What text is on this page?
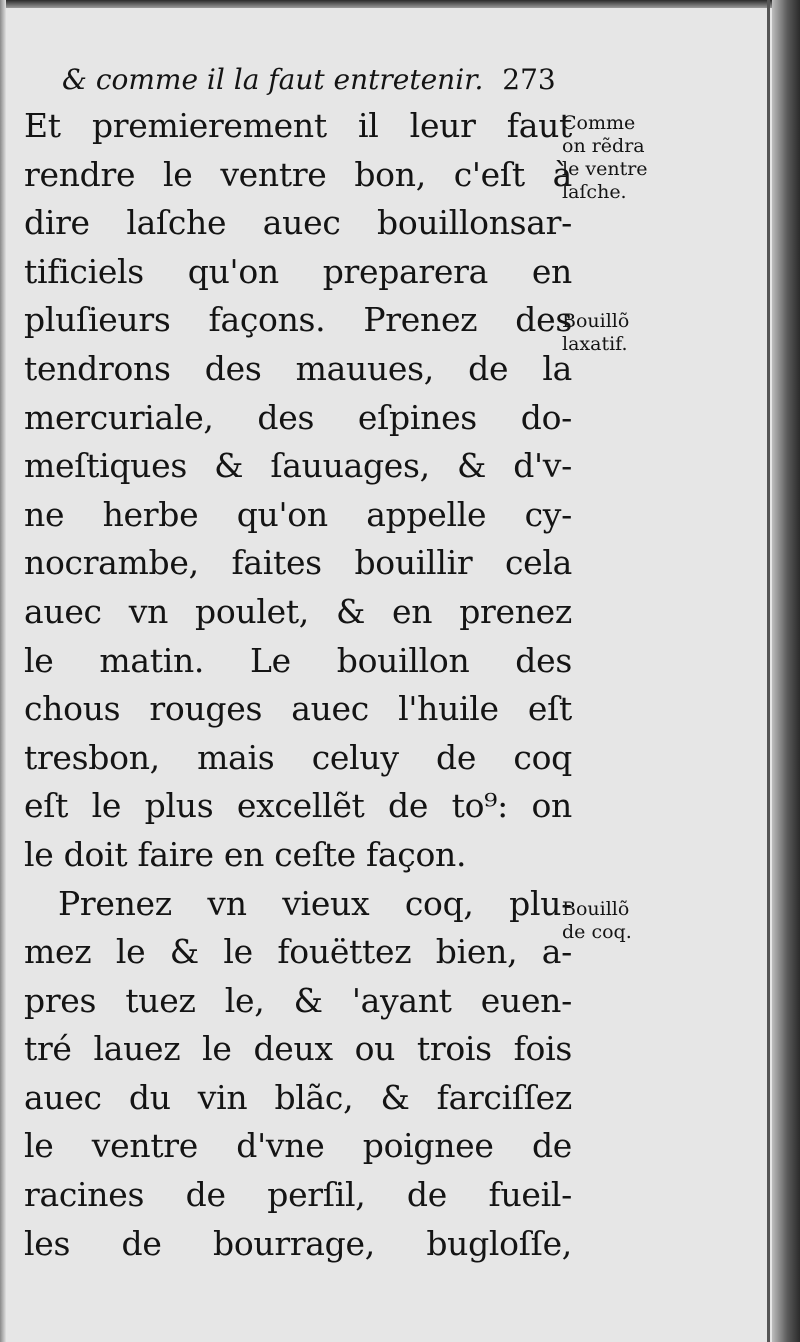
& comme il la faut entretenir. 273
Et premierement il leur faut
rendre le ventre bon, c'eſt à
dire laſche auec bouillonsar-
tificiels qu'on preparera en
pluſieurs façons. Prenez des
tendrons des mauues, de la
mercuriale, des eſpines do-
meſtiques & ſauuages, & d'v-
ne herbe qu'on appelle cy-
nocrambe, faites bouillir cela
auec vn poulet, & en prenez
le matin. Le bouillon des
chous rouges auec l'huile eſt
tresbon, mais celuy de coq
eſt le plus excellẽt de to⁹: on
le doit faire en ceſte façon.
Prenez vn vieux coq, plu-
mez le & le fouëttez bien, a-
pres tuez le, & 'ayant euen-
tré lauez le deux ou trois fois
auec du vin blãc, & farciſſez
le ventre d'vne poignee de
racines de perſil, de fueil-
les de bourrage, bugloſſe,
Comme
on rẽdra
le ventre
laſche.
Bouillõ
laxatif.
Bouillõ
de coq.
